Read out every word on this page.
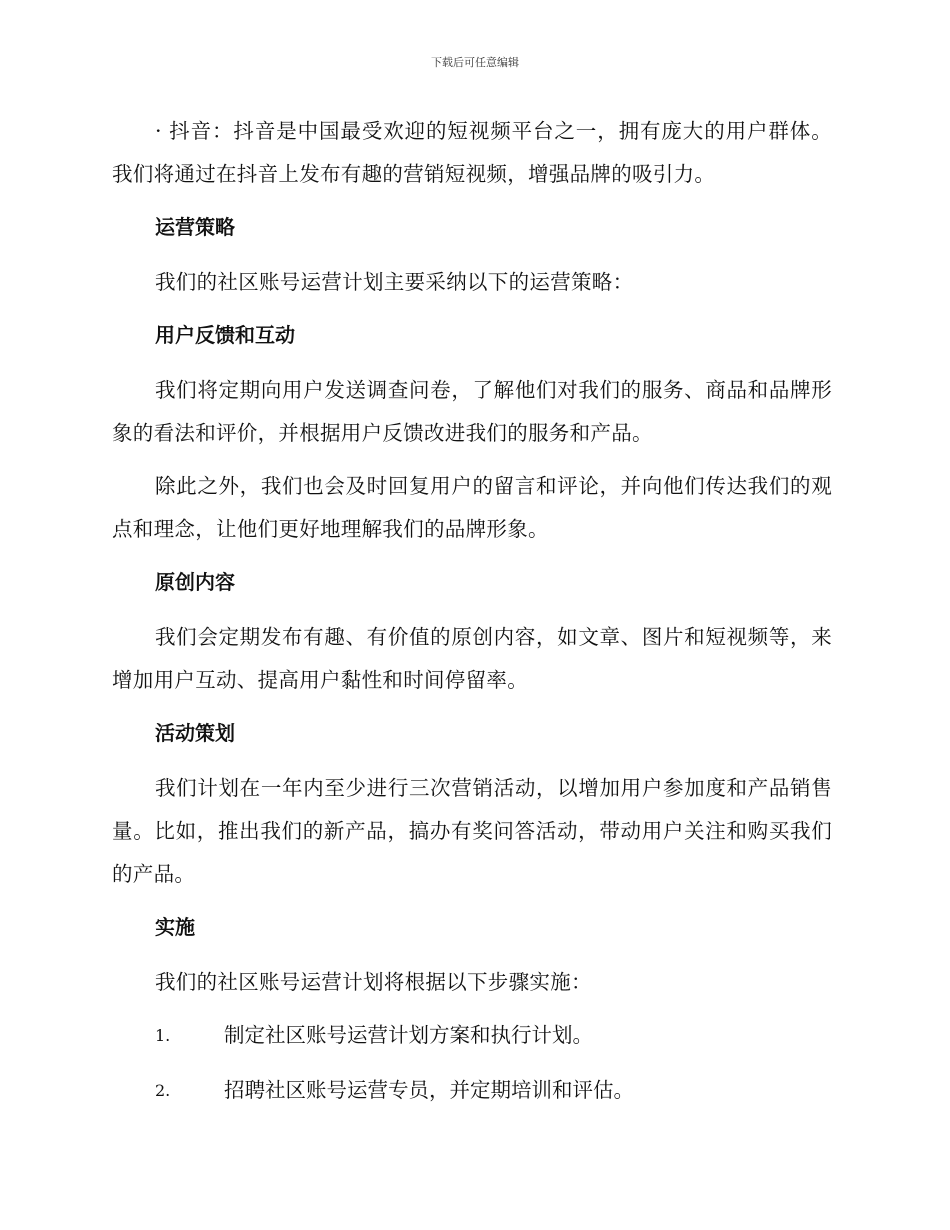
下载后可任意编辑

· 抖音：抖音是中国最受欢迎的短视频平台之一，拥有庞大的用户群体。我们将通过在抖音上发布有趣的营销短视频，增强品牌的吸引力。

运营策略

我们的社区账号运营计划主要采纳以下的运营策略：

用户反馈和互动

我们将定期向用户发送调查问卷，了解他们对我们的服务、商品和品牌形象的看法和评价，并根据用户反馈改进我们的服务和产品。

除此之外，我们也会及时回复用户的留言和评论，并向他们传达我们的观点和理念，让他们更好地理解我们的品牌形象。

原创内容

我们会定期发布有趣、有价值的原创内容，如文章、图片和短视频等，来增加用户互动、提高用户黏性和时间停留率。

活动策划

我们计划在一年内至少进行三次营销活动，以增加用户参加度和产品销售量。比如，推出我们的新产品，搞办有奖问答活动，带动用户关注和购买我们的产品。

实施

我们的社区账号运营计划将根据以下步骤实施：

1.	制定社区账号运营计划方案和执行计划。
2.	招聘社区账号运营专员，并定期培训和评估。
